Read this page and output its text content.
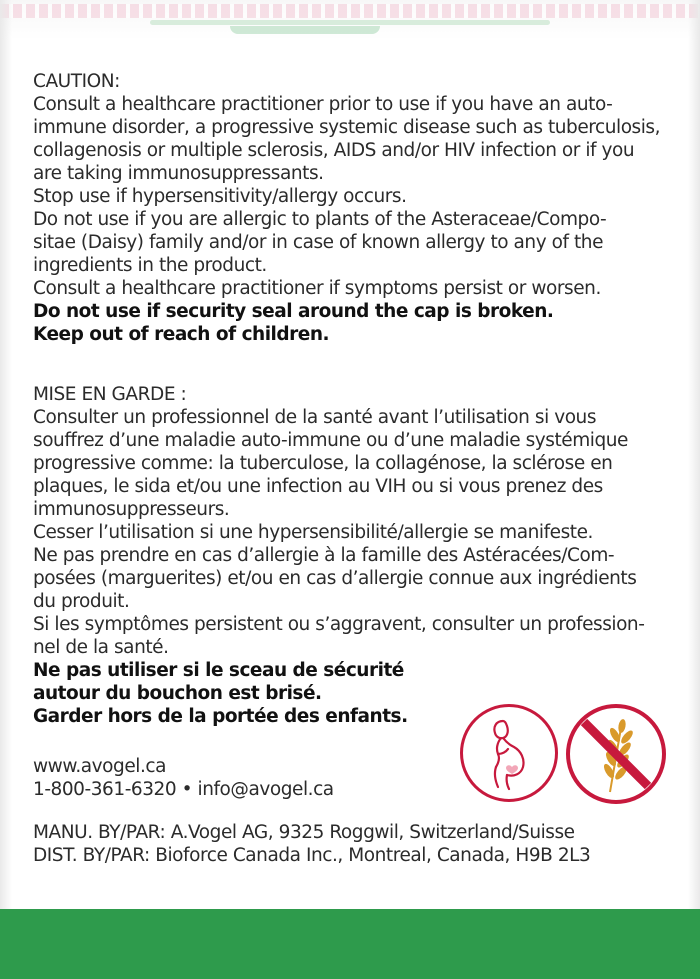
CAUTION:
Consult a healthcare practitioner prior to use if you have an auto-
immune disorder, a progressive systemic disease such as tuberculosis,
collagenosis or multiple sclerosis, AIDS and/or HIV infection or if you
are taking immunosuppressants.
Stop use if hypersensitivity/allergy occurs.
Do not use if you are allergic to plants of the Asteraceae/Compo-
sitae (Daisy) family and/or in case of known allergy to any of the
ingredients in the product.
Consult a healthcare practitioner if symptoms persist or worsen.
Do not use if security seal around the cap is broken.
Keep out of reach of children.
MISE EN GARDE :
Consulter un professionnel de la santé avant l’utilisation si vous
souffrez d’une maladie auto-immune ou d’une maladie systémique
progressive comme: la tuberculose, la collagénose, la sclérose en
plaques, le sida et/ou une infection au VIH ou si vous prenez des
immunosuppresseurs.
Cesser l’utilisation si une hypersensibilité/allergie se manifeste.
Ne pas prendre en cas d’allergie à la famille des Astéracées/Com-
posées (marguerites) et/ou en cas d’allergie connue aux ingrédients
du produit.
Si les symptômes persistent ou s’aggravent, consulter un profession-
nel de la santé.
Ne pas utiliser si le sceau de sécurité
autour du bouchon est brisé.
Garder hors de la portée des enfants.
www.avogel.ca
1-800-361-6320 • info@avogel.ca
MANU. BY/PAR: A.Vogel AG, 9325 Roggwil, Switzerland/Suisse
DIST. BY/PAR: Bioforce Canada Inc., Montreal, Canada, H9B 2L3
